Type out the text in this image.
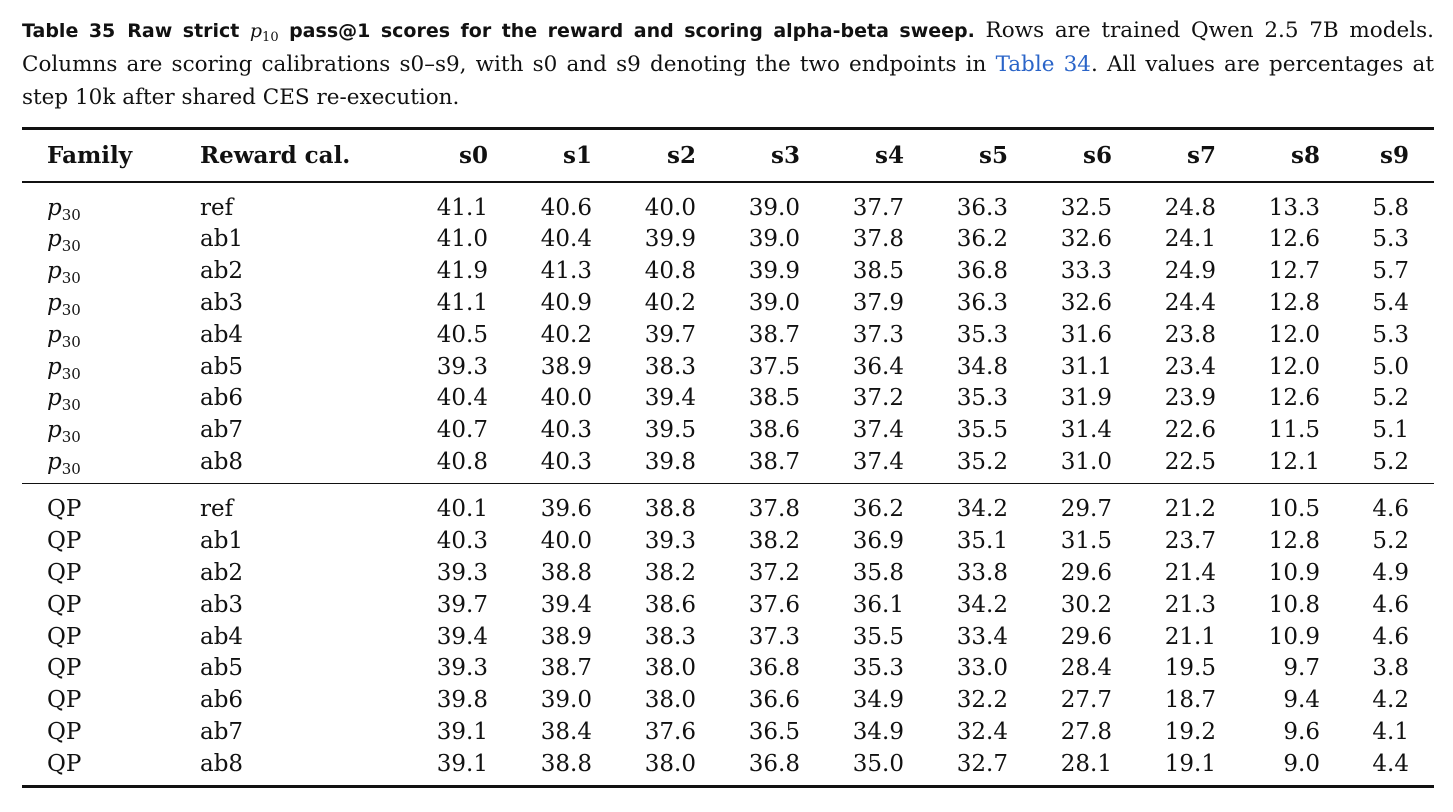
Table 35 Raw strict $p_{10}$ pass@1 scores for the reward and scoring alpha-beta sweep. Rows are trained Qwen 2.5 7B models. Columns are scoring calibrations s0–s9, with s0 and s9 denoting the two endpoints in Table 34. All values are percentages at step 10k after shared CES re-execution.
Family	Reward cal.	s0	s1	s2	s3	s4	s5	s6	s7	s8	s9
$p_{30}$	ref	41.1	40.6	40.0	39.0	37.7	36.3	32.5	24.8	13.3	5.8
$p_{30}$	ab1	41.0	40.4	39.9	39.0	37.8	36.2	32.6	24.1	12.6	5.3
$p_{30}$	ab2	41.9	41.3	40.8	39.9	38.5	36.8	33.3	24.9	12.7	5.7
$p_{30}$	ab3	41.1	40.9	40.2	39.0	37.9	36.3	32.6	24.4	12.8	5.4
$p_{30}$	ab4	40.5	40.2	39.7	38.7	37.3	35.3	31.6	23.8	12.0	5.3
$p_{30}$	ab5	39.3	38.9	38.3	37.5	36.4	34.8	31.1	23.4	12.0	5.0
$p_{30}$	ab6	40.4	40.0	39.4	38.5	37.2	35.3	31.9	23.9	12.6	5.2
$p_{30}$	ab7	40.7	40.3	39.5	38.6	37.4	35.5	31.4	22.6	11.5	5.1
$p_{30}$	ab8	40.8	40.3	39.8	38.7	37.4	35.2	31.0	22.5	12.1	5.2
QP	ref	40.1	39.6	38.8	37.8	36.2	34.2	29.7	21.2	10.5	4.6
QP	ab1	40.3	40.0	39.3	38.2	36.9	35.1	31.5	23.7	12.8	5.2
QP	ab2	39.3	38.8	38.2	37.2	35.8	33.8	29.6	21.4	10.9	4.9
QP	ab3	39.7	39.4	38.6	37.6	36.1	34.2	30.2	21.3	10.8	4.6
QP	ab4	39.4	38.9	38.3	37.3	35.5	33.4	29.6	21.1	10.9	4.6
QP	ab5	39.3	38.7	38.0	36.8	35.3	33.0	28.4	19.5	9.7	3.8
QP	ab6	39.8	39.0	38.0	36.6	34.9	32.2	27.7	18.7	9.4	4.2
QP	ab7	39.1	38.4	37.6	36.5	34.9	32.4	27.8	19.2	9.6	4.1
QP	ab8	39.1	38.8	38.0	36.8	35.0	32.7	28.1	19.1	9.0	4.4
